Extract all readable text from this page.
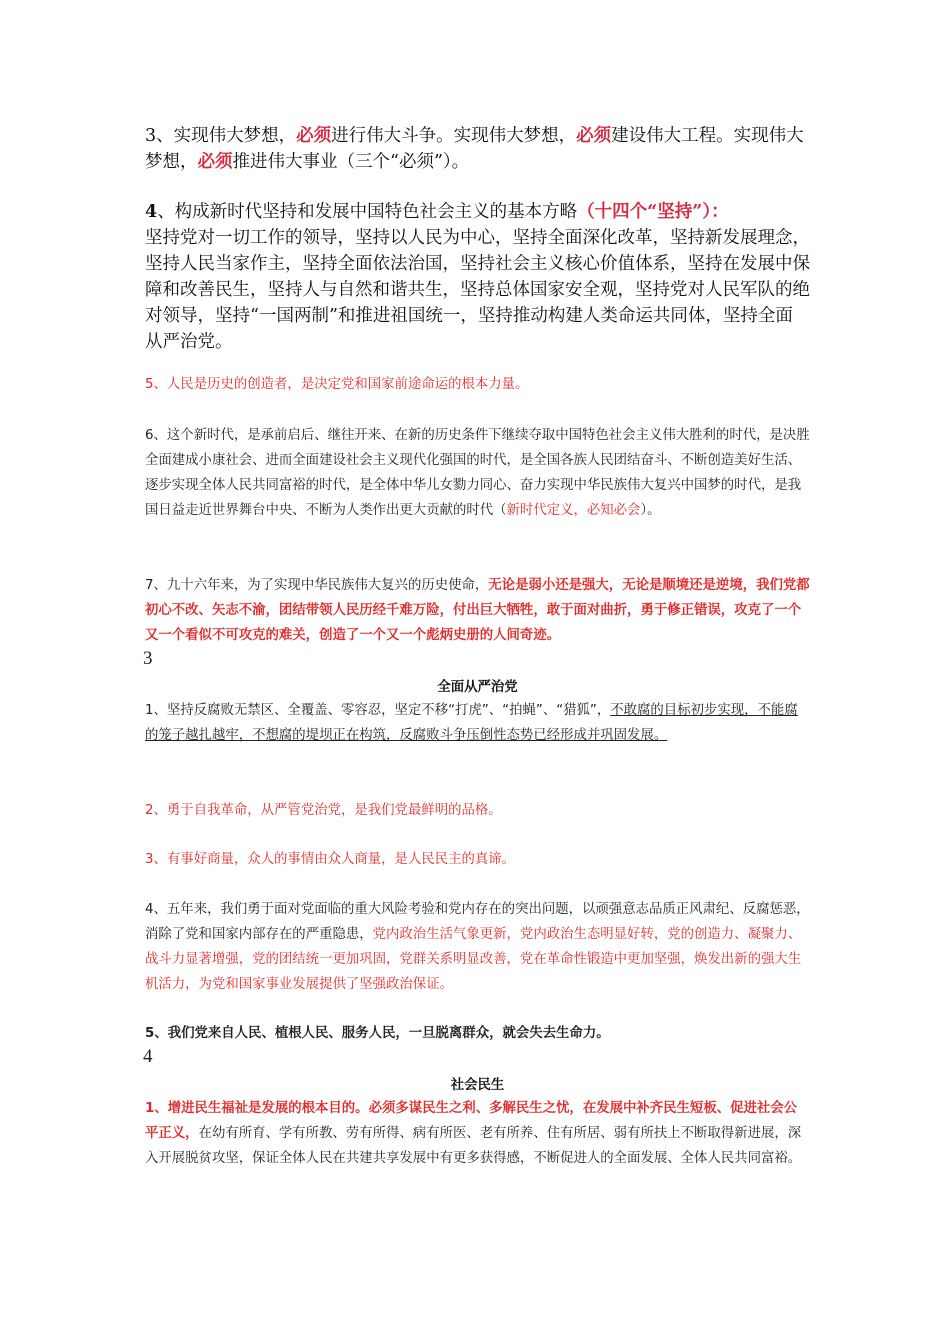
3、实现伟大梦想，必须进行伟大斗争。实现伟大梦想，必须建设伟大工程。实现伟大梦想，必须推进伟大事业（三个“必须”）。

4、构成新时代坚持和发展中国特色社会主义的基本方略（十四个“坚持”）：
坚持党对一切工作的领导，坚持以人民为中心，坚持全面深化改革，坚持新发展理念，坚持人民当家作主，坚持全面依法治国，坚持社会主义核心价值体系，坚持在发展中保障和改善民生，坚持人与自然和谐共生，坚持总体国家安全观，坚持党对人民军队的绝对领导，坚持“一国两制”和推进祖国统一，坚持推动构建人类命运共同体，坚持全面从严治党。

5、人民是历史的创造者，是决定党和国家前途命运的根本力量。

6、这个新时代，是承前启后、继往开来、在新的历史条件下继续夺取中国特色社会主义伟大胜利的时代，是决胜全面建成小康社会、进而全面建设社会主义现代化强国的时代，是全国各族人民团结奋斗、不断创造美好生活、逐步实现全体人民共同富裕的时代，是全体中华儿女勠力同心、奋力实现中华民族伟大复兴中国梦的时代，是我国日益走近世界舞台中央、不断为人类作出更大贡献的时代（新时代定义，必知必会）。

7、九十六年来，为了实现中华民族伟大复兴的历史使命，无论是弱小还是强大，无论是顺境还是逆境，我们党都初心不改、矢志不渝，团结带领人民历经千难万险，付出巨大牺牲，敢于面对曲折，勇于修正错误，攻克了一个又一个看似不可攻克的难关，创造了一个又一个彪炳史册的人间奇迹。

3

全面从严治党

1、坚持反腐败无禁区、全覆盖、零容忍，坚定不移“打虎”、“拍蝇”、“猎狐”，不敢腐的目标初步实现，不能腐的笼子越扎越牢，不想腐的堤坝正在构筑，反腐败斗争压倒性态势已经形成并巩固发展。

2、勇于自我革命，从严管党治党，是我们党最鲜明的品格。

3、有事好商量，众人的事情由众人商量，是人民民主的真谛。

4、五年来，我们勇于面对党面临的重大风险考验和党内存在的突出问题，以顽强意志品质正风肃纪、反腐惩恶，消除了党和国家内部存在的严重隐患，党内政治生活气象更新，党内政治生态明显好转，党的创造力、凝聚力、战斗力显著增强，党的团结统一更加巩固，党群关系明显改善，党在革命性锻造中更加坚强，焕发出新的强大生机活力，为党和国家事业发展提供了坚强政治保证。

5、我们党来自人民、植根人民、服务人民，一旦脱离群众，就会失去生命力。

4

社会民生

1、增进民生福祉是发展的根本目的。必须多谋民生之利、多解民生之忧，在发展中补齐民生短板、促进社会公平正义，在幼有所育、学有所教、劳有所得、病有所医、老有所养、住有所居、弱有所扶上不断取得新进展，深入开展脱贫攻坚，保证全体人民在共建共享发展中有更多获得感，不断促进人的全面发展、全体人民共同富裕。
